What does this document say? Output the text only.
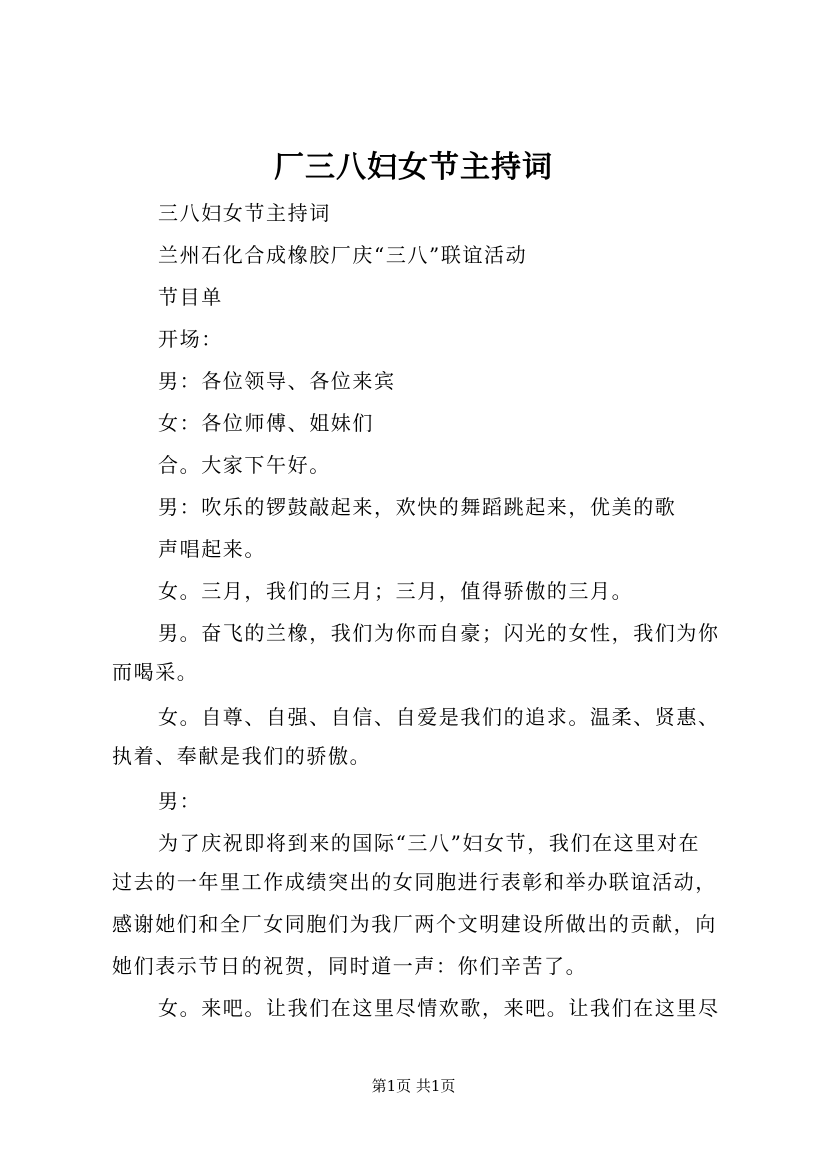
厂三八妇女节主持词
三八妇女节主持词
兰州石化合成橡胶厂庆“三八”联谊活动
节目单
开场：
男：各位领导、各位来宾
女：各位师傅、姐妹们
合。大家下午好。
男：吹乐的锣鼓敲起来，欢快的舞蹈跳起来，优美的歌
声唱起来。
女。三月，我们的三月；三月，值得骄傲的三月。
男。奋飞的兰橡，我们为你而自豪；闪光的女性，我们为你
而喝采。
女。自尊、自强、自信、自爱是我们的追求。温柔、贤惠、
执着、奉献是我们的骄傲。
男：
为了庆祝即将到来的国际“三八”妇女节，我们在这里对在
过去的一年里工作成绩突出的女同胞进行表彰和举办联谊活动，
感谢她们和全厂女同胞们为我厂两个文明建设所做出的贡献，向
她们表示节日的祝贺，同时道一声：你们辛苦了。
女。来吧。让我们在这里尽情欢歌，来吧。让我们在这里尽
第1页 共1页
